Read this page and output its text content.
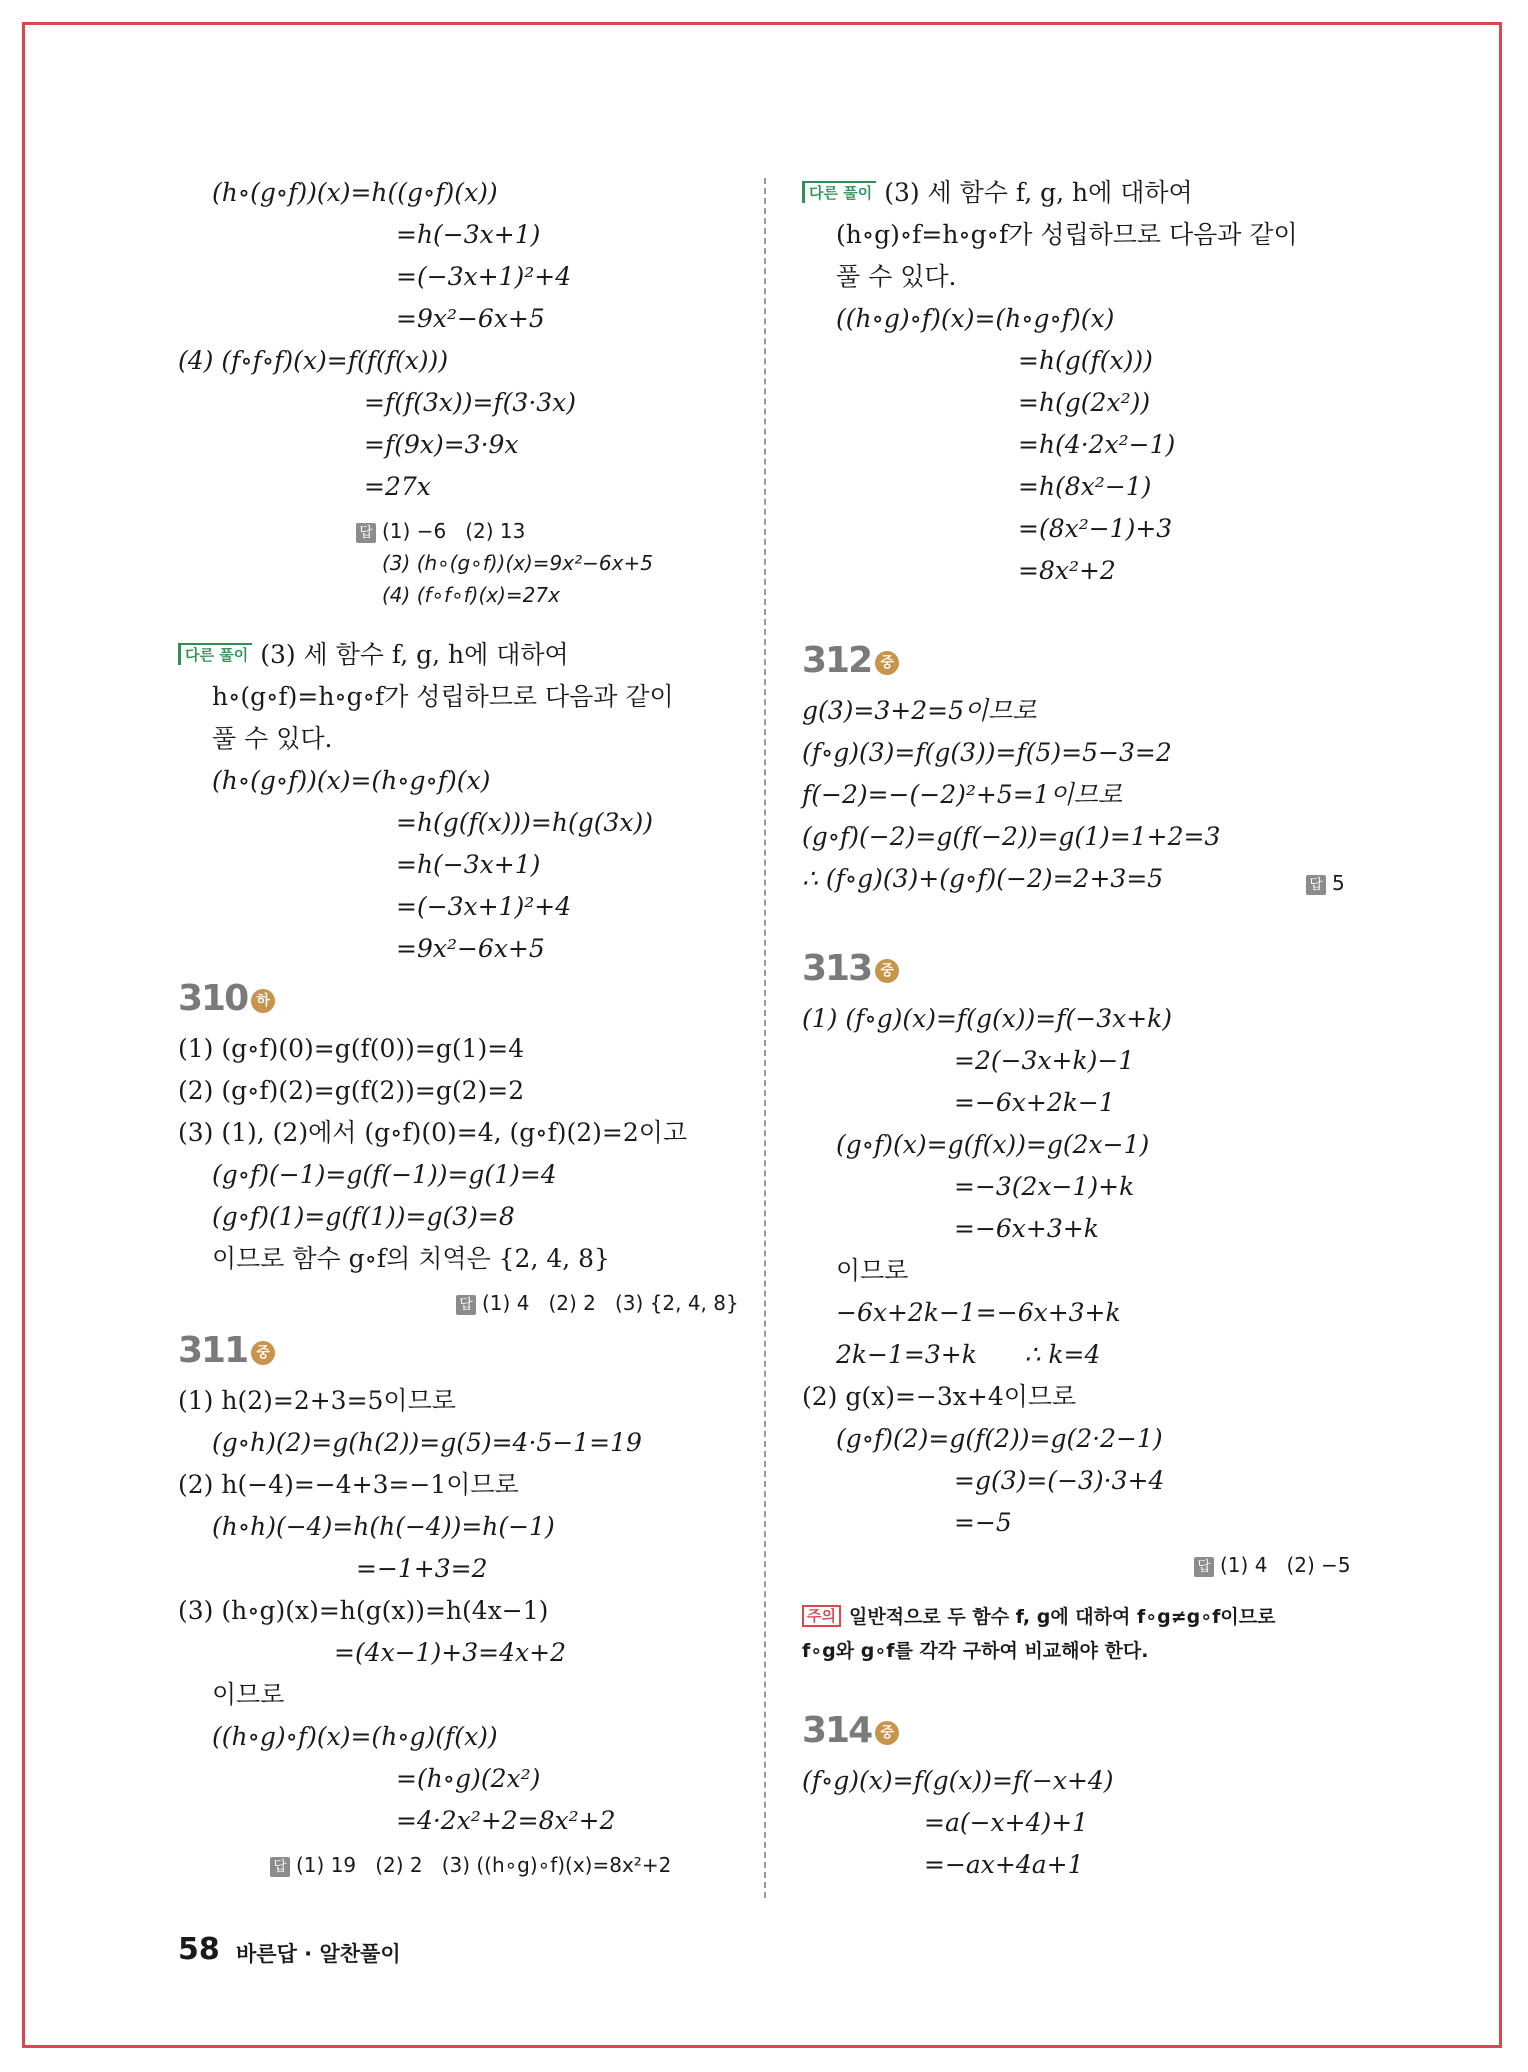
(h∘(g∘f))(x)=h((g∘f)(x))
=h(−3x+1)
=(−3x+1)²+4
=9x²−6x+5
(4) (f∘f∘f)(x)=f(f(f(x)))
=f(f(3x))=f(3·3x)
=f(9x)=3·9x
=27x
답 (1) −6   (2) 13
(3) (h∘(g∘f))(x)=9x²−6x+5
(4) (f∘f∘f)(x)=27x
다른 풀이 (3) 세 함수 f, g, h에 대하여
h∘(g∘f)=h∘g∘f가 성립하므로 다음과 같이
풀 수 있다.
(h∘(g∘f))(x)=(h∘g∘f)(x)
=h(g(f(x)))=h(g(3x))
=h(−3x+1)
=(−3x+1)²+4
=9x²−6x+5
310 하
(1) (g∘f)(0)=g(f(0))=g(1)=4
(2) (g∘f)(2)=g(f(2))=g(2)=2
(3) (1), (2)에서 (g∘f)(0)=4, (g∘f)(2)=2이고
(g∘f)(−1)=g(f(−1))=g(1)=4
(g∘f)(1)=g(f(1))=g(3)=8
이므로 함수 g∘f의 치역은 {2, 4, 8}
답 (1) 4   (2) 2   (3) {2, 4, 8}
311 중
(1) h(2)=2+3=5이므로
(g∘h)(2)=g(h(2))=g(5)=4·5−1=19
(2) h(−4)=−4+3=−1이므로
(h∘h)(−4)=h(h(−4))=h(−1)
=−1+3=2
(3) (h∘g)(x)=h(g(x))=h(4x−1)
=(4x−1)+3=4x+2
이므로
((h∘g)∘f)(x)=(h∘g)(f(x))
=(h∘g)(2x²)
=4·2x²+2=8x²+2
답 (1) 19   (2) 2   (3) ((h∘g)∘f)(x)=8x²+2
다른 풀이 (3) 세 함수 f, g, h에 대하여
(h∘g)∘f=h∘g∘f가 성립하므로 다음과 같이
풀 수 있다.
((h∘g)∘f)(x)=(h∘g∘f)(x)
=h(g(f(x)))
=h(g(2x²))
=h(4·2x²−1)
=h(8x²−1)
=(8x²−1)+3
=8x²+2
312 중
g(3)=3+2=5이므로
(f∘g)(3)=f(g(3))=f(5)=5−3=2
f(−2)=−(−2)²+5=1이므로
(g∘f)(−2)=g(f(−2))=g(1)=1+2=3
∴ (f∘g)(3)+(g∘f)(−2)=2+3=5	답 5
313 중
(1) (f∘g)(x)=f(g(x))=f(−3x+k)
=2(−3x+k)−1
=−6x+2k−1
(g∘f)(x)=g(f(x))=g(2x−1)
=−3(2x−1)+k
=−6x+3+k
이므로
−6x+2k−1=−6x+3+k
2k−1=3+k      ∴ k=4
(2) g(x)=−3x+4이므로
(g∘f)(2)=g(f(2))=g(2·2−1)
=g(3)=(−3)·3+4
=−5
답 (1) 4   (2) −5
주의 일반적으로 두 함수 f, g에 대하여 f∘g≠g∘f이므로
f∘g와 g∘f를 각각 구하여 비교해야 한다.
314 중
(f∘g)(x)=f(g(x))=f(−x+4)
=a(−x+4)+1
=−ax+4a+1
58 바른답 · 알찬풀이
